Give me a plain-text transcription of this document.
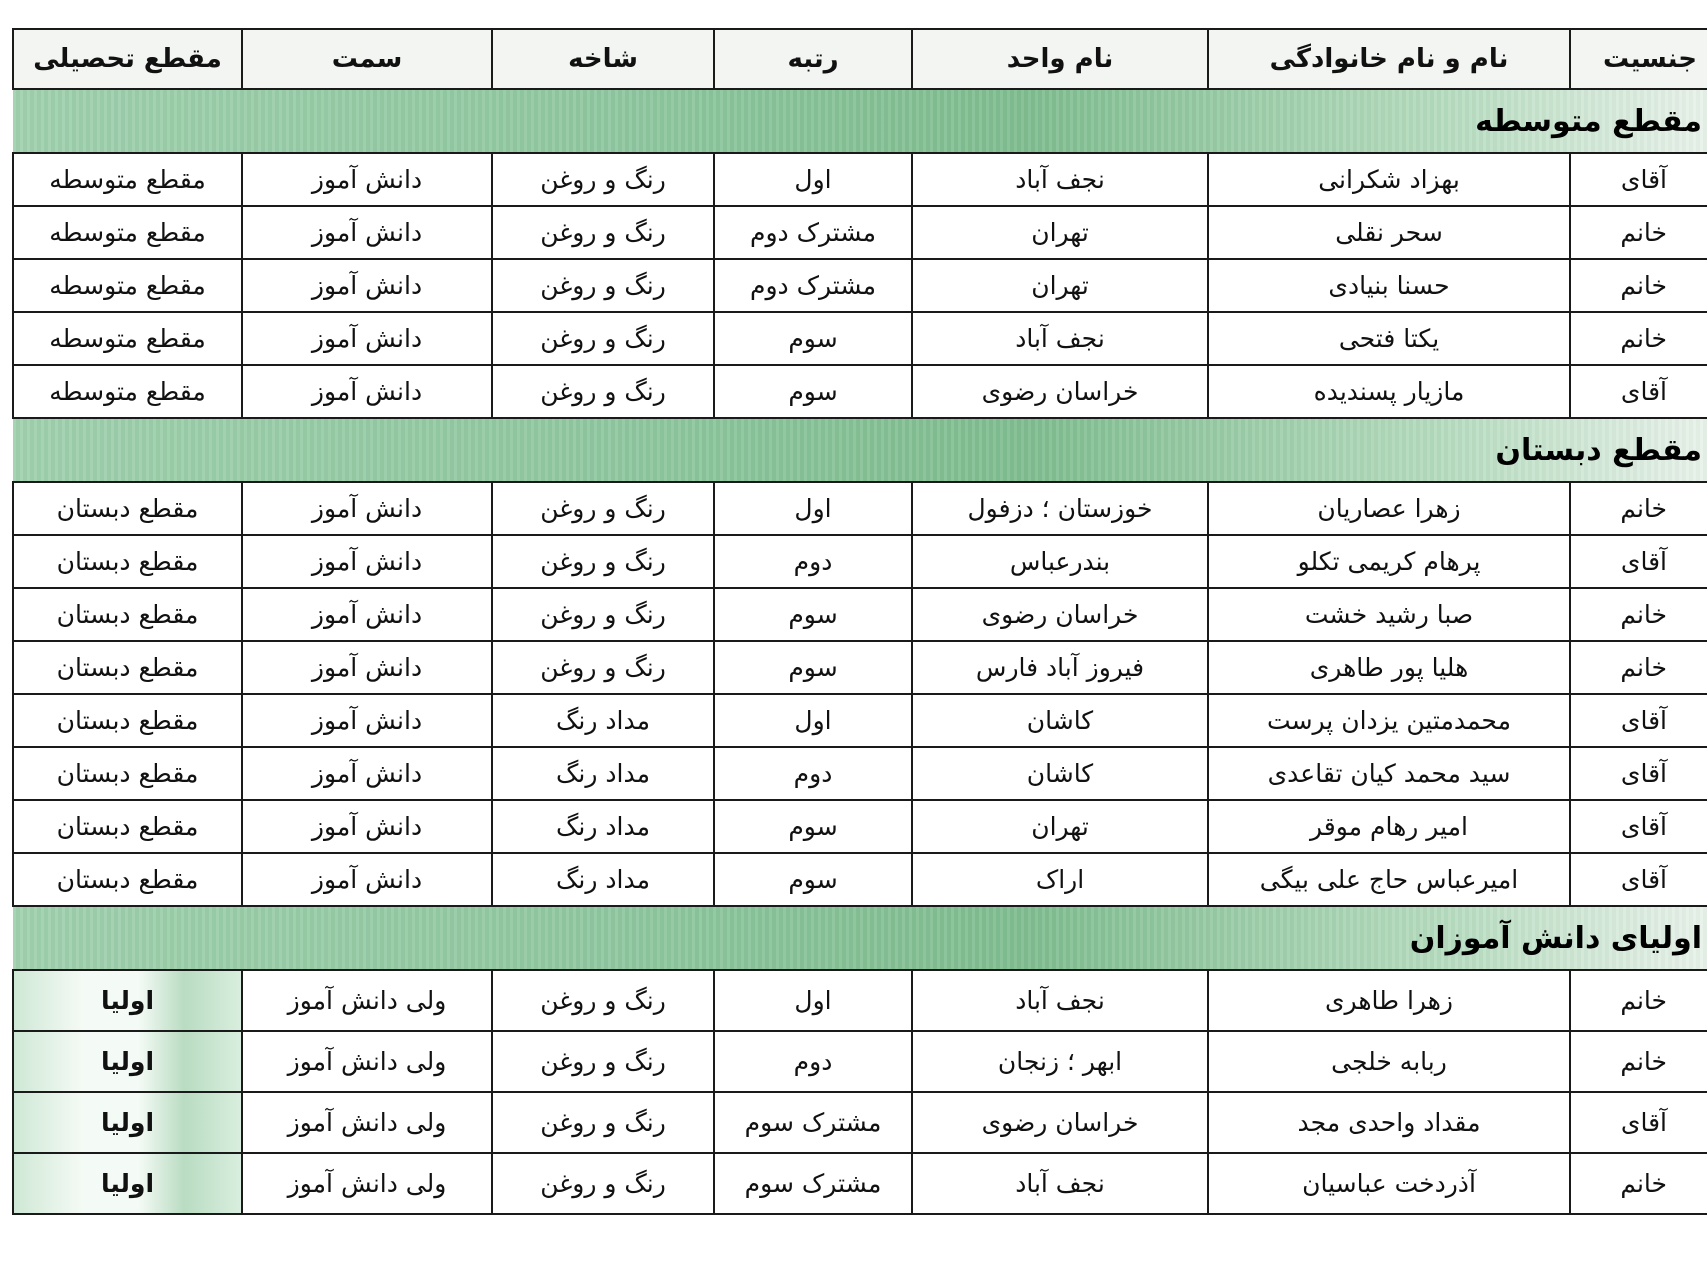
جنسیت	نام و نام خانوادگی	نام واحد	رتبه	شاخه	سمت	مقطع تحصیلی

مقطع متوسطه						

آقای	بهزاد شکرانی	نجف آباد	اول	رنگ و روغن	دانش آموز	مقطع متوسطه
خانم	سحر نقلی	تهران	مشترک دوم	رنگ و روغن	دانش آموز	مقطع متوسطه
خانم	حسنا بنیادی	تهران	مشترک دوم	رنگ و روغن	دانش آموز	مقطع متوسطه
خانم	یکتا فتحی	نجف آباد	سوم	رنگ و روغن	دانش آموز	مقطع متوسطه
آقای	مازیار پسندیده	خراسان رضوی	سوم	رنگ و روغن	دانش آموز	مقطع متوسطه

مقطع دبستان						

خانم	زهرا عصاریان	خوزستان ؛ دزفول	اول	رنگ و روغن	دانش آموز	مقطع دبستان
آقای	پرهام کریمی تکلو	بندرعباس	دوم	رنگ و روغن	دانش آموز	مقطع دبستان
خانم	صبا رشید خشت	خراسان رضوی	سوم	رنگ و روغن	دانش آموز	مقطع دبستان
خانم	هلیا پور طاهری	فیروز آباد فارس	سوم	رنگ و روغن	دانش آموز	مقطع دبستان
آقای	محمدمتین یزدان پرست	کاشان	اول	مداد رنگ	دانش آموز	مقطع دبستان
آقای	سید محمد کیان تقاعدی	کاشان	دوم	مداد رنگ	دانش آموز	مقطع دبستان
آقای	امیر رهام موقر	تهران	سوم	مداد رنگ	دانش آموز	مقطع دبستان
آقای	امیرعباس حاج علی بیگی	اراک	سوم	مداد رنگ	دانش آموز	مقطع دبستان

اولیای دانش آموزان						

خانم	زهرا طاهری	نجف آباد	اول	رنگ و روغن	ولی دانش آموز	اولیا
خانم	ربابه خلجی	ابهر ؛ زنجان	دوم	رنگ و روغن	ولی دانش آموز	اولیا
آقای	مقداد واحدی مجد	خراسان رضوی	مشترک سوم	رنگ و روغن	ولی دانش آموز	اولیا
خانم	آذردخت عباسیان	نجف آباد	مشترک سوم	رنگ و روغن	ولی دانش آموز	اولیا
